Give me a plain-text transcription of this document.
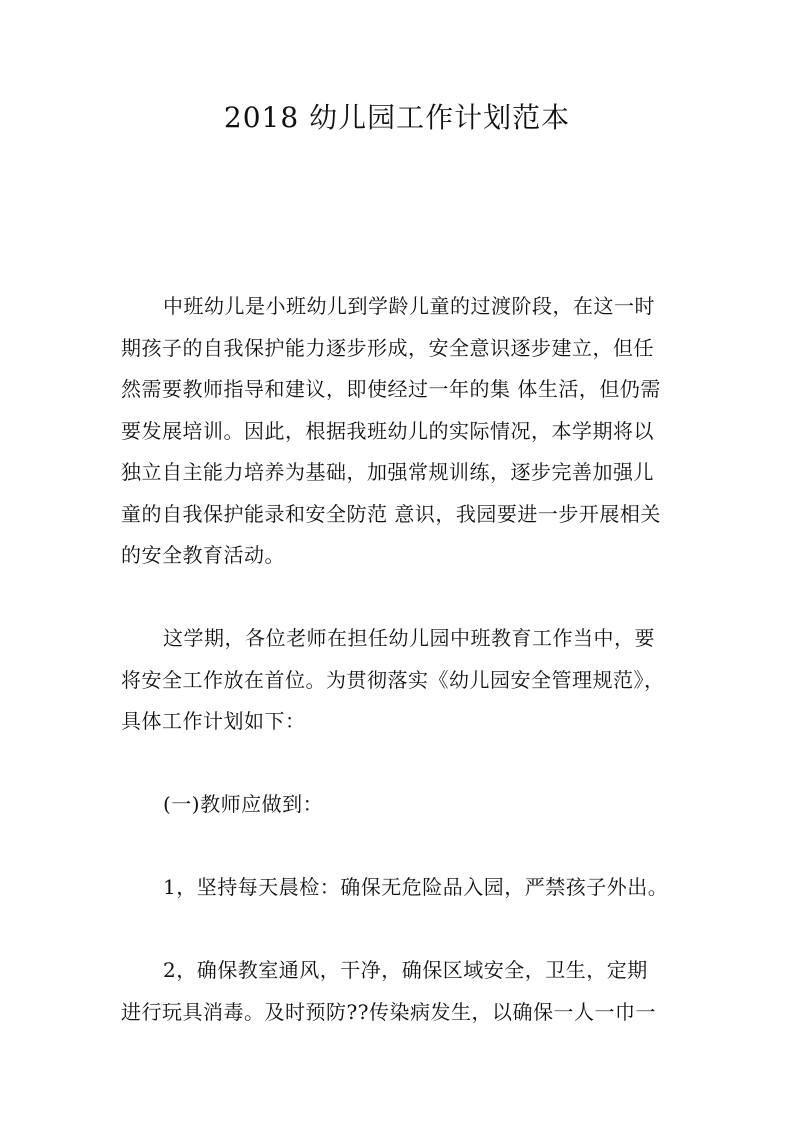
2018 幼儿园工作计划范本

中班幼儿是小班幼儿到学龄儿童的过渡阶段，在这一时
期孩子的自我保护能力逐步形成，安全意识逐步建立，但任
然需要教师指导和建议，即使经过一年的集 体生活，但仍需
要发展培训。因此，根据我班幼儿的实际情况，本学期将以
独立自主能力培养为基础，加强常规训练，逐步完善加强儿
童的自我保护能录和安全防范 意识，我园要进一步开展相关
的安全教育活动。

这学期，各位老师在担任幼儿园中班教育工作当中，要
将安全工作放在首位。为贯彻落实《幼儿园安全管理规范》，
具体工作计划如下：

(一)教师应做到：

1，坚持每天晨检：确保无危险品入园，严禁孩子外出。

2，确保教室通风，干净，确保区域安全，卫生，定期
进行玩具消毒。及时预防??传染病发生，以确保一人一巾一
